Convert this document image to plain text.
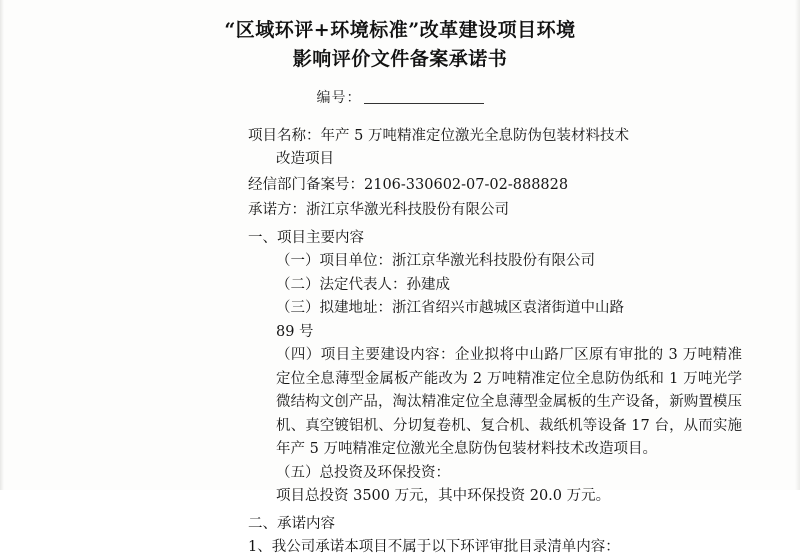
“区域环评+环境标准”改革建设项目环境
影响评价文件备案承诺书
编号：
项目名称：年产 5 万吨精准定位激光全息防伪包装材料技术
改造项目
经信部门备案号：2106-330602-07-02-888828
承诺方：浙江京华激光科技股份有限公司
一、项目主要内容
（一）项目单位：浙江京华激光科技股份有限公司
（二）法定代表人：孙建成
（三）拟建地址：浙江省绍兴市越城区袁渚街道中山路
89 号
（四）项目主要建设内容：企业拟将中山路厂区原有审批的 3 万吨精准定位全息薄型金属板产能改为 2 万吨精准定位全息防伪纸和 1 万吨光学微结构文创产品，淘汰精准定位全息薄型金属板的生产设备，新购置模压机、真空镀铝机、分切复卷机、复合机、裁纸机等设备 17 台，从而实施年产 5 万吨精准定位激光全息防伪包装材料技术改造项目。
（五）总投资及环保投资：
项目总投资 3500 万元，其中环保投资 20.0 万元。
二、承诺内容
1、我公司承诺本项目不属于以下环评审批目录清单内容：
